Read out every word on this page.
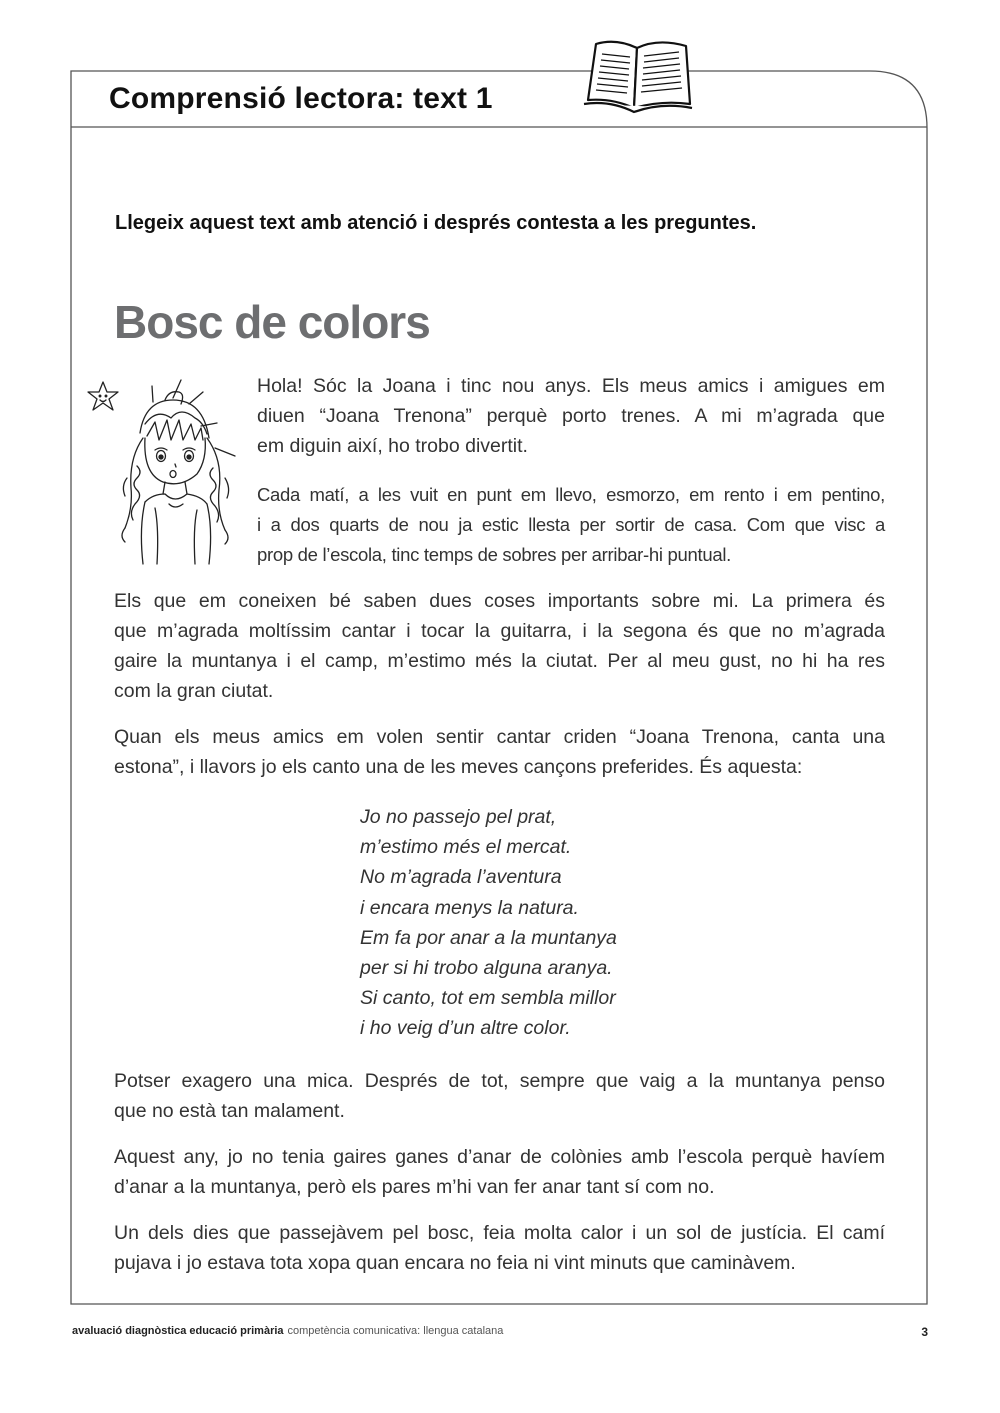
Comprensió lectora: text 1
Llegeix aquest text amb atenció i després contesta a les preguntes.
Bosc de colors
Hola! Sóc la Joana i tinc nou anys. Els meus amics i amigues em
diuen “Joana Trenona” perquè porto trenes. A mi m’agrada que
em diguin així, ho trobo divertit.
Cada matí, a les vuit en punt em llevo, esmorzo, em rento i em pentino,
i a dos quarts de nou ja estic llesta per sortir de casa. Com que visc a
prop de l’escola, tinc temps de sobres per arribar-hi puntual.
Els que em coneixen bé saben dues coses importants sobre mi. La primera és
que m’agrada moltíssim cantar i tocar la guitarra, i la segona és que no m’agrada
gaire la muntanya i el camp, m’estimo més la ciutat. Per al meu gust, no hi ha res
com la gran ciutat.
Quan els meus amics em volen sentir cantar criden “Joana Trenona, canta una
estona”, i llavors jo els canto una de les meves cançons preferides. És aquesta:
Jo no passejo pel prat,
m’estimo més el mercat.
No m’agrada l’aventura
i encara menys la natura.
Em fa por anar a la muntanya
per si hi trobo alguna aranya.
Si canto, tot em sembla millor
i ho veig d’un altre color.
Potser exagero una mica. Després de tot, sempre que vaig a la muntanya penso
que no està tan malament.
Aquest any, jo no tenia gaires ganes d’anar de colònies amb l’escola perquè havíem
d’anar a la muntanya, però els pares m’hi van fer anar tant sí com no.
Un dels dies que passejàvem pel bosc, feia molta calor i un sol de justícia. El camí
pujava i jo estava tota xopa quan encara no feia ni vint minuts que caminàvem.
avaluació diagnòstica educació primària competència comunicativa: llengua catalana	3
